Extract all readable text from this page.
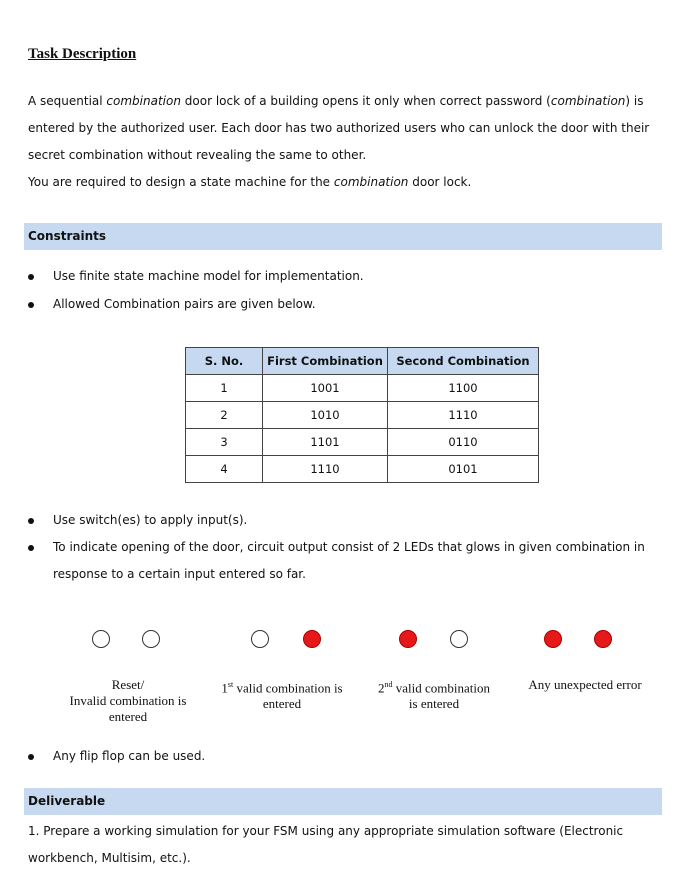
Task Description
A sequential combination door lock of a building opens it only when correct password (combination) is
entered by the authorized user. Each door has two authorized users who can unlock the door with their
secret combination without revealing the same to other.
You are required to design a state machine for the combination door lock.
Constraints
Use finite state machine model for implementation.
Allowed Combination pairs are given below.
S. No.	First Combination	Second Combination
1	1001	1100
2	1010	1110
3	1101	0110
4	1110	0101
Use switch(es) to apply input(s).
To indicate opening of the door, circuit output consist of 2 LEDs that glows in given combination in
response to a certain input entered so far.
Reset/
Invalid combination is
entered
1st valid combination is
entered
2nd valid combination
is entered
Any unexpected error
Any flip flop can be used.
Deliverable
1. Prepare a working simulation for your FSM using any appropriate simulation software (Electronic
workbench, Multisim, etc.).
